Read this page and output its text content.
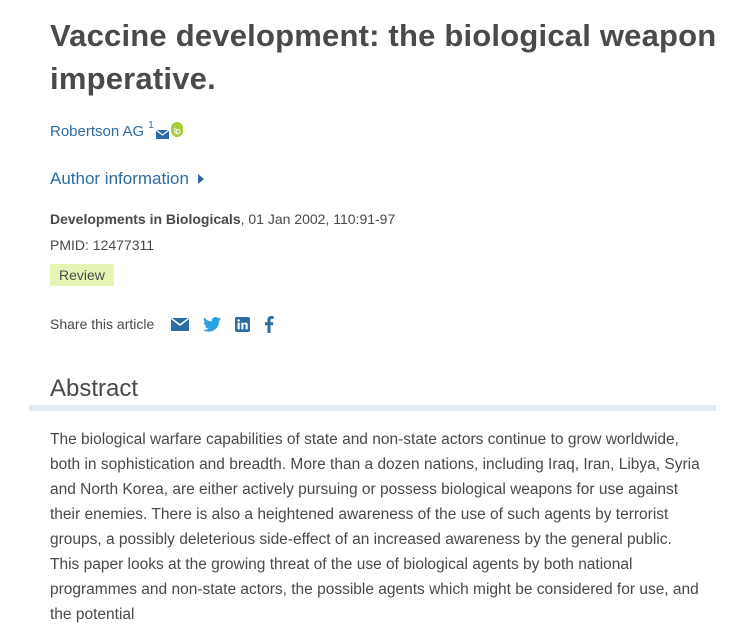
Vaccine development: the biological weapon imperative.
Robertson AG 1
Author information
Developments in Biologicals, 01 Jan 2002, 110:91-97
PMID: 12477311
Review
Share this article
Abstract

The biological warfare capabilities of state and non-state actors continue to grow worldwide, both in sophistication and breadth. More than a dozen nations, including Iraq, Iran, Libya, Syria and North Korea, are either actively pursuing or possess biological weapons for use against their enemies. There is also a heightened awareness of the use of such agents by terrorist groups, a possibly deleterious side-effect of an increased awareness by the general public. This paper looks at the growing threat of the use of biological agents by both national programmes and non-state actors, the possible agents which might be considered for use, and the potential
